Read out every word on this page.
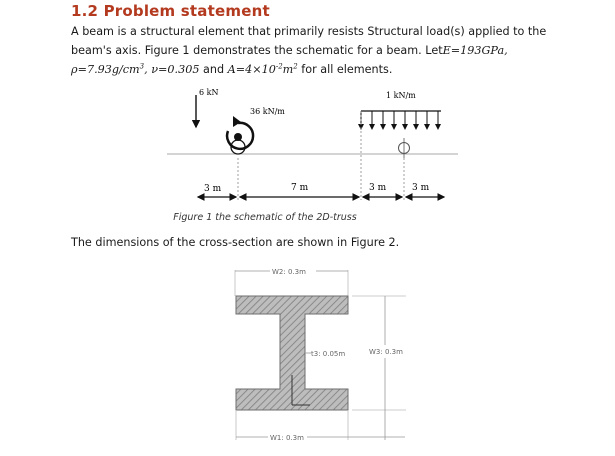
1.2 Problem statement
A beam is a structural element that primarily resists Structural load(s) applied to the
beam's axis. Figure 1 demonstrates the schematic for a beam. LetE=193GPa,
$\rho=7.93g/cm^3$, ν=0.305 and $A=4\times 10^{-2}m^2$ for all elements.
6 kN
36 kN/m
1 kN/m
3 m	7 m	3 m	3 m
Figure 1 the schematic of the 2D-truss
The dimensions of the cross-section are shown in Figure 2.
W2: 0.3m
t3: 0.05m	W3: 0.3m
W1: 0.3m
